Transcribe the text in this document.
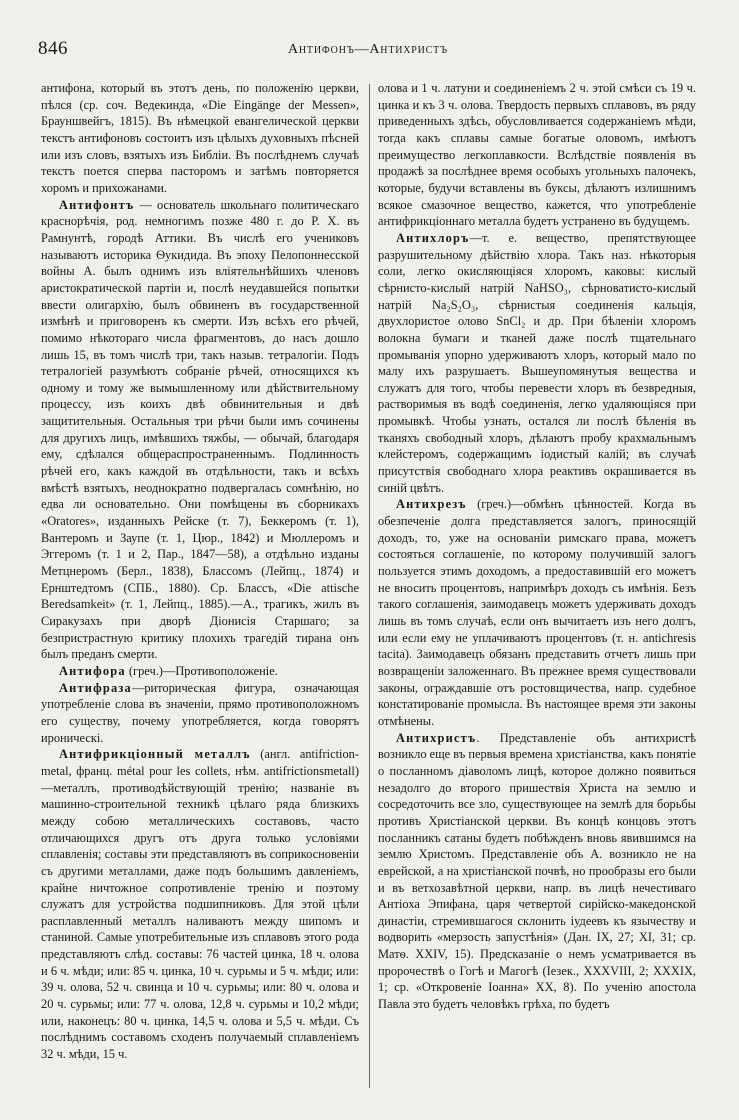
846	Антифонъ—Антихристъ

антифона, который въ этотъ день, по положенію церкви, пѣлся (ср. соч. Ведекинда, «Die Eingänge der Messen», Брауншвейгъ, 1815). Въ нѣмецкой евангелической церкви текстъ антифоновъ состоитъ изъ цѣлыхъ духовныхъ пѣсней или изъ словъ, взятыхъ изъ Библіи. Въ послѣднемъ случаѣ текстъ поется сперва пасторомъ и затѣмъ повторяется хоромъ и прихожанами.

Антифонтъ — основатель школьнаго политическаго краснорѣчія, род. немногимъ позже 480 г. до Р. X. въ Рамнунтѣ, городѣ Аттики. Въ числѣ его учениковъ называютъ историка Ѳукидида. Въ эпоху Пелопоннесской войны А. былъ однимъ изъ вліятельнѣйшихъ членовъ аристократической партіи и, послѣ неудавшейся попытки ввести олигархію, былъ обвиненъ въ государственной измѣнѣ и приговоренъ къ смерти. Изъ всѣхъ его рѣчей, помимо нѣкотораго числа фрагментовъ, до насъ дошло лишь 15, въ томъ числѣ три, такъ назыв. тетралогіи. Подъ тетралогіей разумѣютъ собраніе рѣчей, относящихся къ одному и тому же вымышленному или дѣйствительному процессу, изъ коихъ двѣ обвинительныя и двѣ защитительныя. Остальныя три рѣчи были имъ сочинены для другихъ лицъ, имѣвшихъ тяжбы, — обычай, благодаря ему, сдѣлался общераспространеннымъ. Подлинность рѣчей его, какъ каждой въ отдѣльности, такъ и всѣхъ вмѣстѣ взятыхъ, неоднократно подвергалась сомнѣнію, но едва ли основательно. Они помѣщены въ сборникахъ «Oratores», изданныхъ Рейске (т. 7), Беккеромъ (т. 1), Вантеромъ и Заупе (т. 1, Цюр., 1842) и Мюллеромъ и Эггеромъ (т. 1 и 2, Пар., 1847—58), а отдѣльно изданы Метцнеромъ (Берл., 1838), Блассомъ (Лейпц., 1874) и Ернштедтомъ (СПБ., 1880). Ср. Блассъ, «Die attische Beredsamkeit» (т. 1, Лейпц., 1885).—А., трагикъ, жилъ въ Сиракузахъ при дворѣ Діонисія Старшаго; за безпристрастную критику плохихъ трагедій тирана онъ былъ преданъ смерти.

Антифора (греч.)—Противоположеніе.

Антифраза—риторическая фигура, означающая употребленіе слова въ значеніи, прямо противоположномъ его существу, почему употребляется, когда говорятъ ироническі.

Антифрикціонный металлъ (англ. antifriction-metal, франц. métal pour les collets, нѣм. antifrictionsmetall)—металлъ, противодѣйствующій тренію; названіе въ машинно-строительной техникѣ цѣлаго ряда близкихъ между собою металлическихъ составовъ, часто отличающихся другъ отъ друга только условіями сплавленія; составы эти представляютъ въ соприкосновеніи съ другими металлами, даже подъ большимъ давленіемъ, крайне ничтожное сопротивленіе тренію и поэтому служатъ для устройства подшипниковъ. Для этой цѣли расплавленный металлъ наливаютъ между шипомъ и станиной. Самые употребительные изъ сплавовъ этого рода представляютъ слѣд. составы: 76 частей цинка, 18 ч. олова и 6 ч. мѣди; или: 85 ч. цинка, 10 ч. сурьмы и 5 ч. мѣди; или: 39 ч. олова, 52 ч. свинца и 10 ч. сурьмы; или: 80 ч. олова и 20 ч. сурьмы; или: 77 ч. олова, 12,8 ч. сурьмы и 10,2 мѣди; или, наконецъ: 80 ч. цинка, 14,5 ч. олова и 5,5 ч. мѣди. Съ послѣднимъ составомъ сходенъ получаемый сплавленіемъ 32 ч. мѣди, 15 ч.

олова и 1 ч. латуни и соединеніемъ 2 ч. этой смѣси съ 19 ч. цинка и къ 3 ч. олова. Твердость первыхъ сплавовъ, въ ряду приведенныхъ здѣсь, обусловливается содержаніемъ мѣди, тогда какъ сплавы самые богатые оловомъ, имѣютъ преимущество легкоплавкости. Вслѣдствіе появленія въ продажѣ за послѣднее время особыхъ угольныхъ палочекъ, которые, будучи вставлены въ буксы, дѣлаютъ излишнимъ всякое смазочное вещество, кажется, что употребленіе антифрикціоннаго металла будетъ устранено въ будущемъ.

Антихлоръ—т. е. вещество, препятствующее разрушительному дѣйствію хлора. Такъ наз. нѣкоторыя соли, легко окисляющіяся хлоромъ, каковы: кислый сѣрнисто-кислый натрій NaHSO₃, сѣрноватисто-кислый натрій Na₂S₂O₃, сѣрнистыя соединенія кальція, двухлористое олово SnCl₂ и др. При бѣленіи хлоромъ волокна бумаги и тканей даже послѣ тщательнаго промыванія упорно удерживаютъ хлоръ, который мало по малу ихъ разрушаетъ. Вышеупомянутыя вещества и служатъ для того, чтобы перевести хлоръ въ безвредныя, растворимыя въ водѣ соединенія, легко удаляющіяся при промывкѣ. Чтобы узнать, остался ли послѣ бѣленія въ тканяхъ свободный хлоръ, дѣлаютъ пробу крахмальнымъ клейстеромъ, содержащимъ іодистый калій; въ случаѣ присутствія свободнаго хлора реактивъ окрашивается въ синій цвѣтъ.

Антихрезъ (греч.)—обмѣнъ цѣнностей. Когда въ обезпеченіе долга представляется залогъ, приносящій доходъ, то, уже на основаніи римскаго права, можетъ состояться соглашеніе, по которому получившій залогъ пользуется этимъ доходомъ, а предоставившій его можетъ не вносить процентовъ, напримѣръ доходъ съ имѣнія. Безъ такого соглашенія, заимодавецъ можетъ удерживать доходъ лишь въ томъ случаѣ, если онъ вычитаетъ изъ него долгъ, или если ему не уплачиваютъ процентовъ (т. н. antichresis tacita). Заимодавецъ обязанъ представить отчетъ лишь при возвращеніи заложеннаго. Въ прежнее время существовали законы, ограждавшіе отъ ростовщичества, напр. судебное констатированіе промысла. Въ настоящее время эти законы отмѣнены.

Антихристъ. Представленіе объ антихристѣ возникло еще въ первыя времена христіанства, какъ понятіе о посланномъ діаволомъ лицѣ, которое должно появиться незадолго до второго пришествія Христа на землю и сосредоточить все зло, существующее на землѣ для борьбы противъ Христіанской церкви. Въ концѣ концовъ этотъ посланникъ сатаны будетъ побѣжденъ вновь явившимся на землю Христомъ. Представленіе объ А. возникло не на еврейской, а на христіанской почвѣ, но прообразы его были и въ ветхозавѣтной церкви, напр. въ лицѣ нечестиваго Антіоха Эпифана, царя четвертой сирійско-македонской династіи, стремившагося склонить іудеевъ къ язычеству и водворить «мерзость запустѣнія» (Дан. IX, 27; XI, 31; ср. Матѳ. XXIV, 15). Предсказаніе о немъ усматривается въ пророчествѣ о Гогѣ и Магогѣ (Iезек., XXXVIII, 2; XXXIX, 1; ср. «Откровеніе Іоанна» XX, 8). По ученію апостола Павла это будетъ человѣкъ грѣха, по будетъ
